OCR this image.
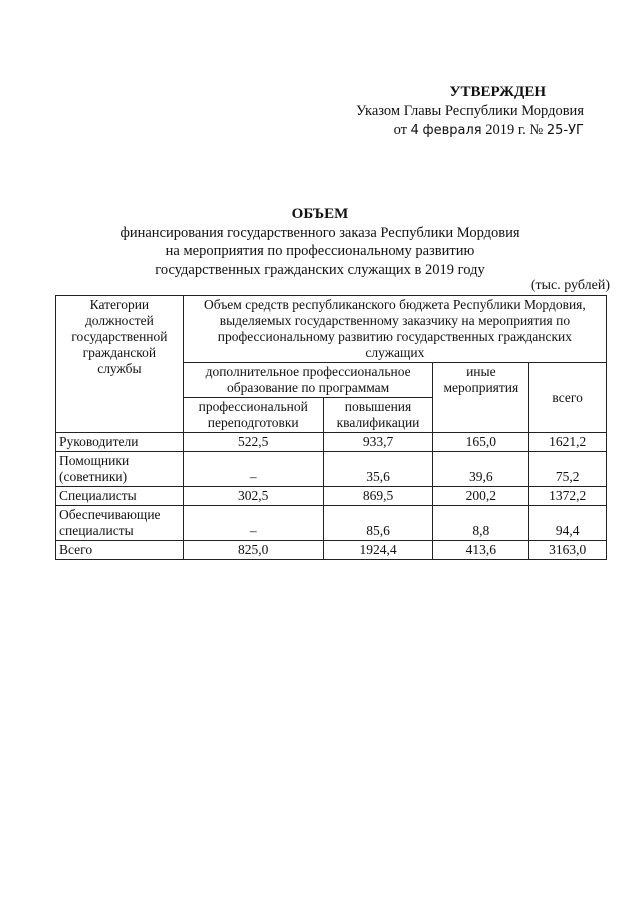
УТВЕРЖДЕН
Указом Главы Республики Мордовия
от 4 февраля 2019 г. № 25-УГ
ОБЪЕМ
финансирования государственного заказа Республики Мордовия
на мероприятия по профессиональному развитию
государственных гражданских служащих в 2019 году
(тыс. рублей)
Категории должностей государственной гражданской службы	Объем средств республиканского бюджета Республики Мордовия, выделяемых государственному заказчику на мероприятия по профессиональному развитию государственных гражданских служащих			
	дополнительное профессиональное образование по программам		иные мероприятия	всего
	профессиональной переподготовки	повышения квалификации		
Руководители	522,5	933,7	165,0	1621,2
Помощники (советники)	–	35,6	39,6	75,2
Специалисты	302,5	869,5	200,2	1372,2
Обеспечивающие специалисты	–	85,6	8,8	94,4
Всего	825,0	1924,4	413,6	3163,0
